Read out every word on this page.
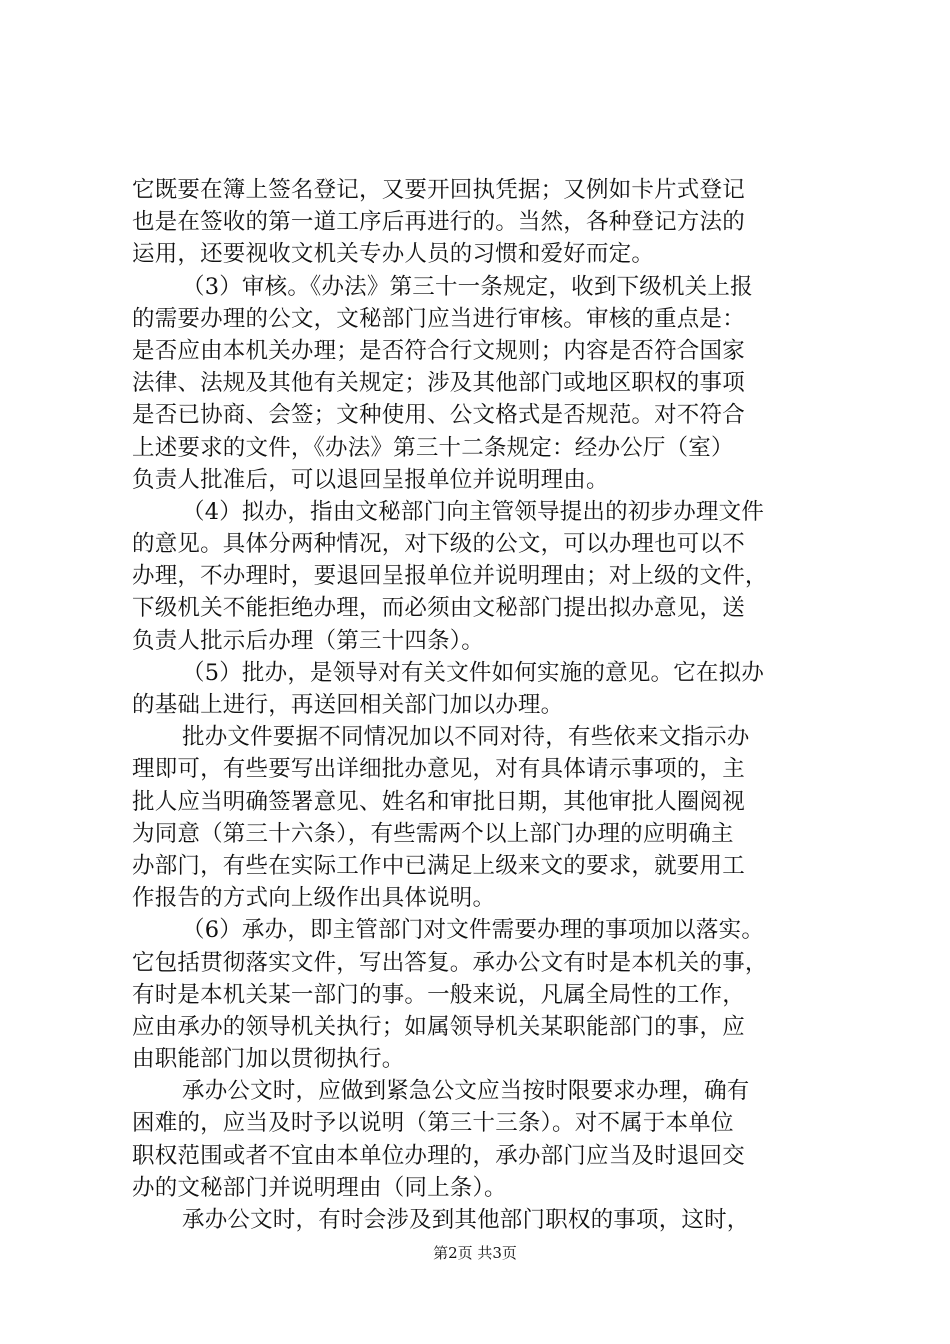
它既要在簿上签名登记，又要开回执凭据；又例如卡片式登记
也是在签收的第一道工序后再进行的。当然，各种登记方法的
运用，还要视收文机关专办人员的习惯和爱好而定。
（3）审核。《办法》第三十一条规定，收到下级机关上报
的需要办理的公文，文秘部门应当进行审核。审核的重点是：
是否应由本机关办理；是否符合行文规则；内容是否符合国家
法律、法规及其他有关规定；涉及其他部门或地区职权的事项
是否已协商、会签；文种使用、公文格式是否规范。对不符合
上述要求的文件，《办法》第三十二条规定：经办公厅（室）
负责人批准后，可以退回呈报单位并说明理由。
（4）拟办，指由文秘部门向主管领导提出的初步办理文件
的意见。具体分两种情况，对下级的公文，可以办理也可以不
办理，不办理时，要退回呈报单位并说明理由；对上级的文件，
下级机关不能拒绝办理，而必须由文秘部门提出拟办意见，送
负责人批示后办理（第三十四条）。
（5）批办，是领导对有关文件如何实施的意见。它在拟办
的基础上进行，再送回相关部门加以办理。
批办文件要据不同情况加以不同对待，有些依来文指示办
理即可，有些要写出详细批办意见，对有具体请示事项的，主
批人应当明确签署意见、姓名和审批日期，其他审批人圈阅视
为同意（第三十六条），有些需两个以上部门办理的应明确主
办部门，有些在实际工作中已满足上级来文的要求，就要用工
作报告的方式向上级作出具体说明。
（6）承办，即主管部门对文件需要办理的事项加以落实。
它包括贯彻落实文件，写出答复。承办公文有时是本机关的事，
有时是本机关某一部门的事。一般来说，凡属全局性的工作，
应由承办的领导机关执行；如属领导机关某职能部门的事，应
由职能部门加以贯彻执行。
承办公文时，应做到紧急公文应当按时限要求办理，确有
困难的，应当及时予以说明（第三十三条）。对不属于本单位
职权范围或者不宜由本单位办理的，承办部门应当及时退回交
办的文秘部门并说明理由（同上条）。
承办公文时，有时会涉及到其他部门职权的事项，这时，
第2页 共3页
